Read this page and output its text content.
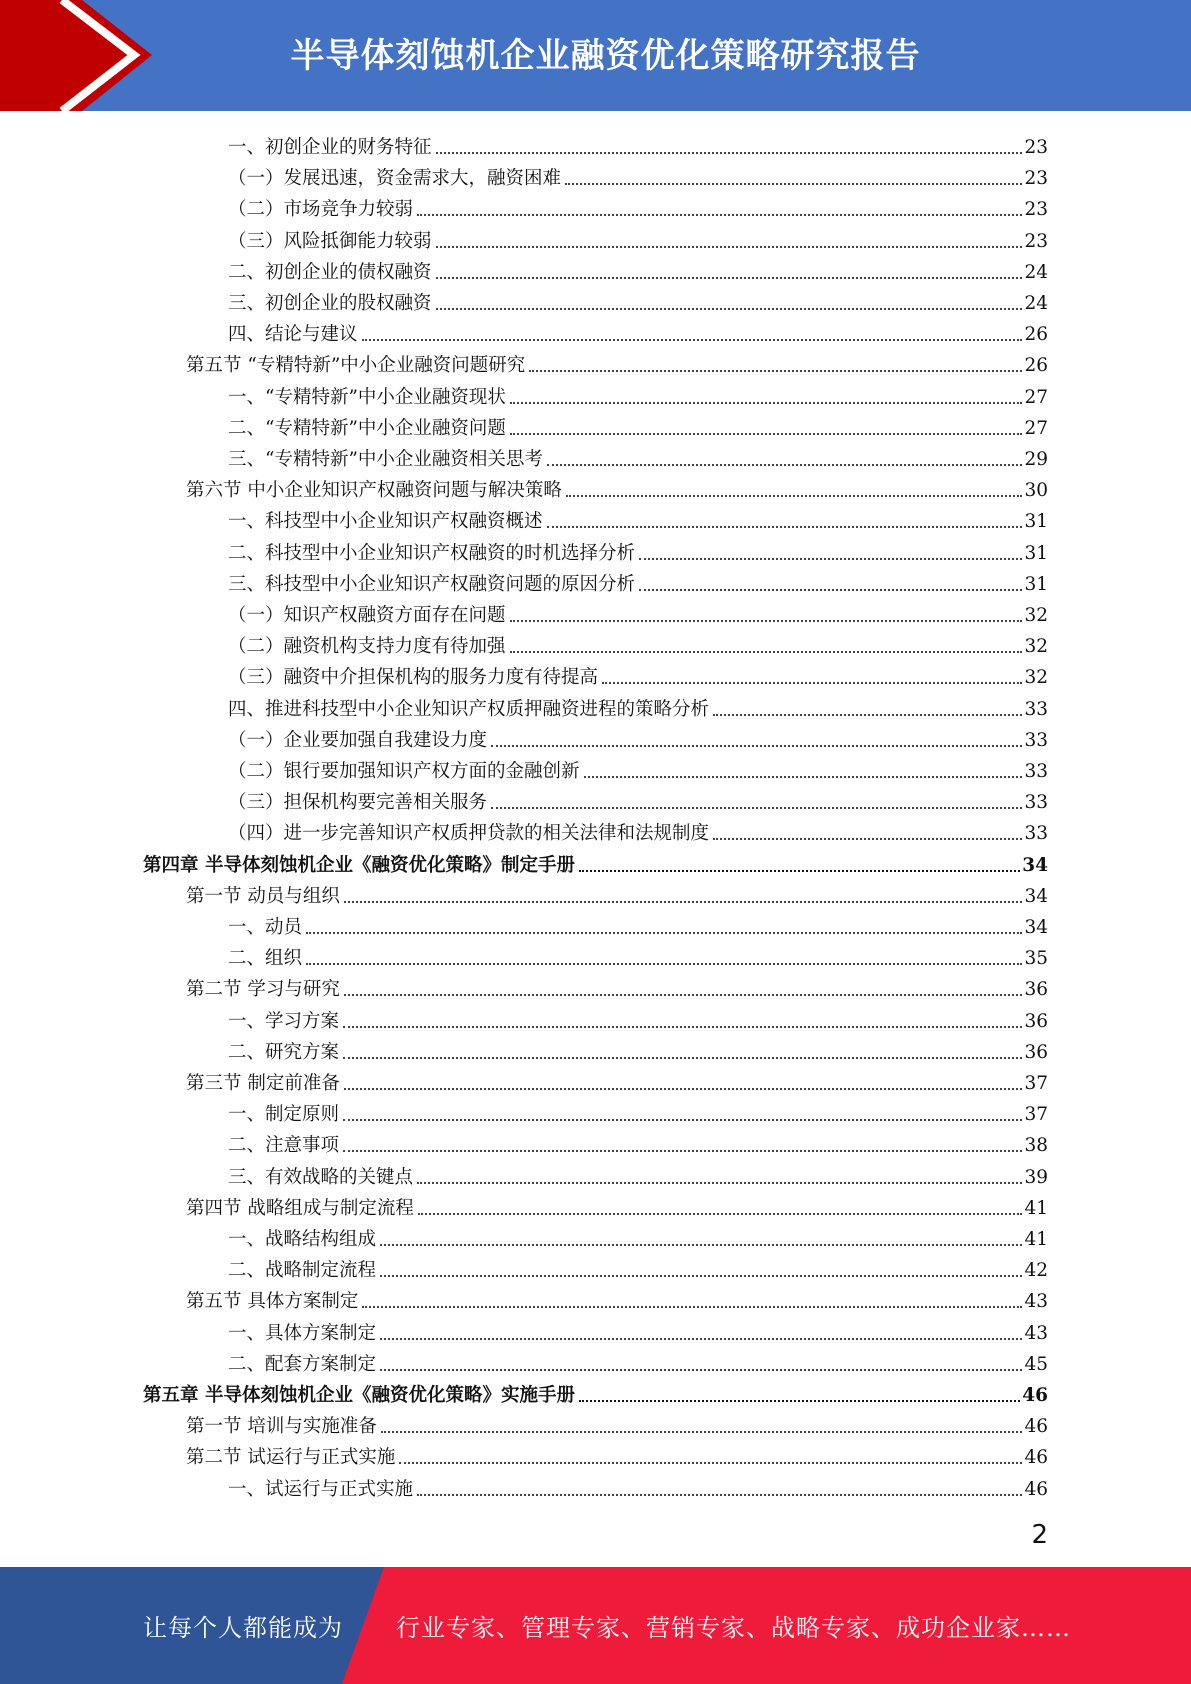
半导体刻蚀机企业融资优化策略研究报告
一、初创企业的财务特征	23
（一）发展迅速，资金需求大，融资困难	23
（二）市场竞争力较弱	23
（三）风险抵御能力较弱	23
二、初创企业的债权融资	24
三、初创企业的股权融资	24
四、结论与建议	26
第五节 “专精特新”中小企业融资问题研究	26
一、“专精特新”中小企业融资现状	27
二、“专精特新”中小企业融资问题	27
三、“专精特新”中小企业融资相关思考	29
第六节 中小企业知识产权融资问题与解决策略	30
一、科技型中小企业知识产权融资概述	31
二、科技型中小企业知识产权融资的时机选择分析	31
三、科技型中小企业知识产权融资问题的原因分析	31
（一）知识产权融资方面存在问题	32
（二）融资机构支持力度有待加强	32
（三）融资中介担保机构的服务力度有待提高	32
四、推进科技型中小企业知识产权质押融资进程的策略分析	33
（一）企业要加强自我建设力度	33
（二）银行要加强知识产权方面的金融创新	33
（三）担保机构要完善相关服务	33
（四）进一步完善知识产权质押贷款的相关法律和法规制度	33
第四章 半导体刻蚀机企业《融资优化策略》制定手册	34
第一节 动员与组织	34
一、动员	34
二、组织	35
第二节 学习与研究	36
一、学习方案	36
二、研究方案	36
第三节 制定前准备	37
一、制定原则	37
二、注意事项	38
三、有效战略的关键点	39
第四节 战略组成与制定流程	41
一、战略结构组成	41
二、战略制定流程	42
第五节 具体方案制定	43
一、具体方案制定	43
二、配套方案制定	45
第五章 半导体刻蚀机企业《融资优化策略》实施手册	46
第一节 培训与实施准备	46
第二节 试运行与正式实施	46
一、试运行与正式实施	46
2
让每个人都能成为 行业专家、管理专家、营销专家、战略专家、成功企业家……
